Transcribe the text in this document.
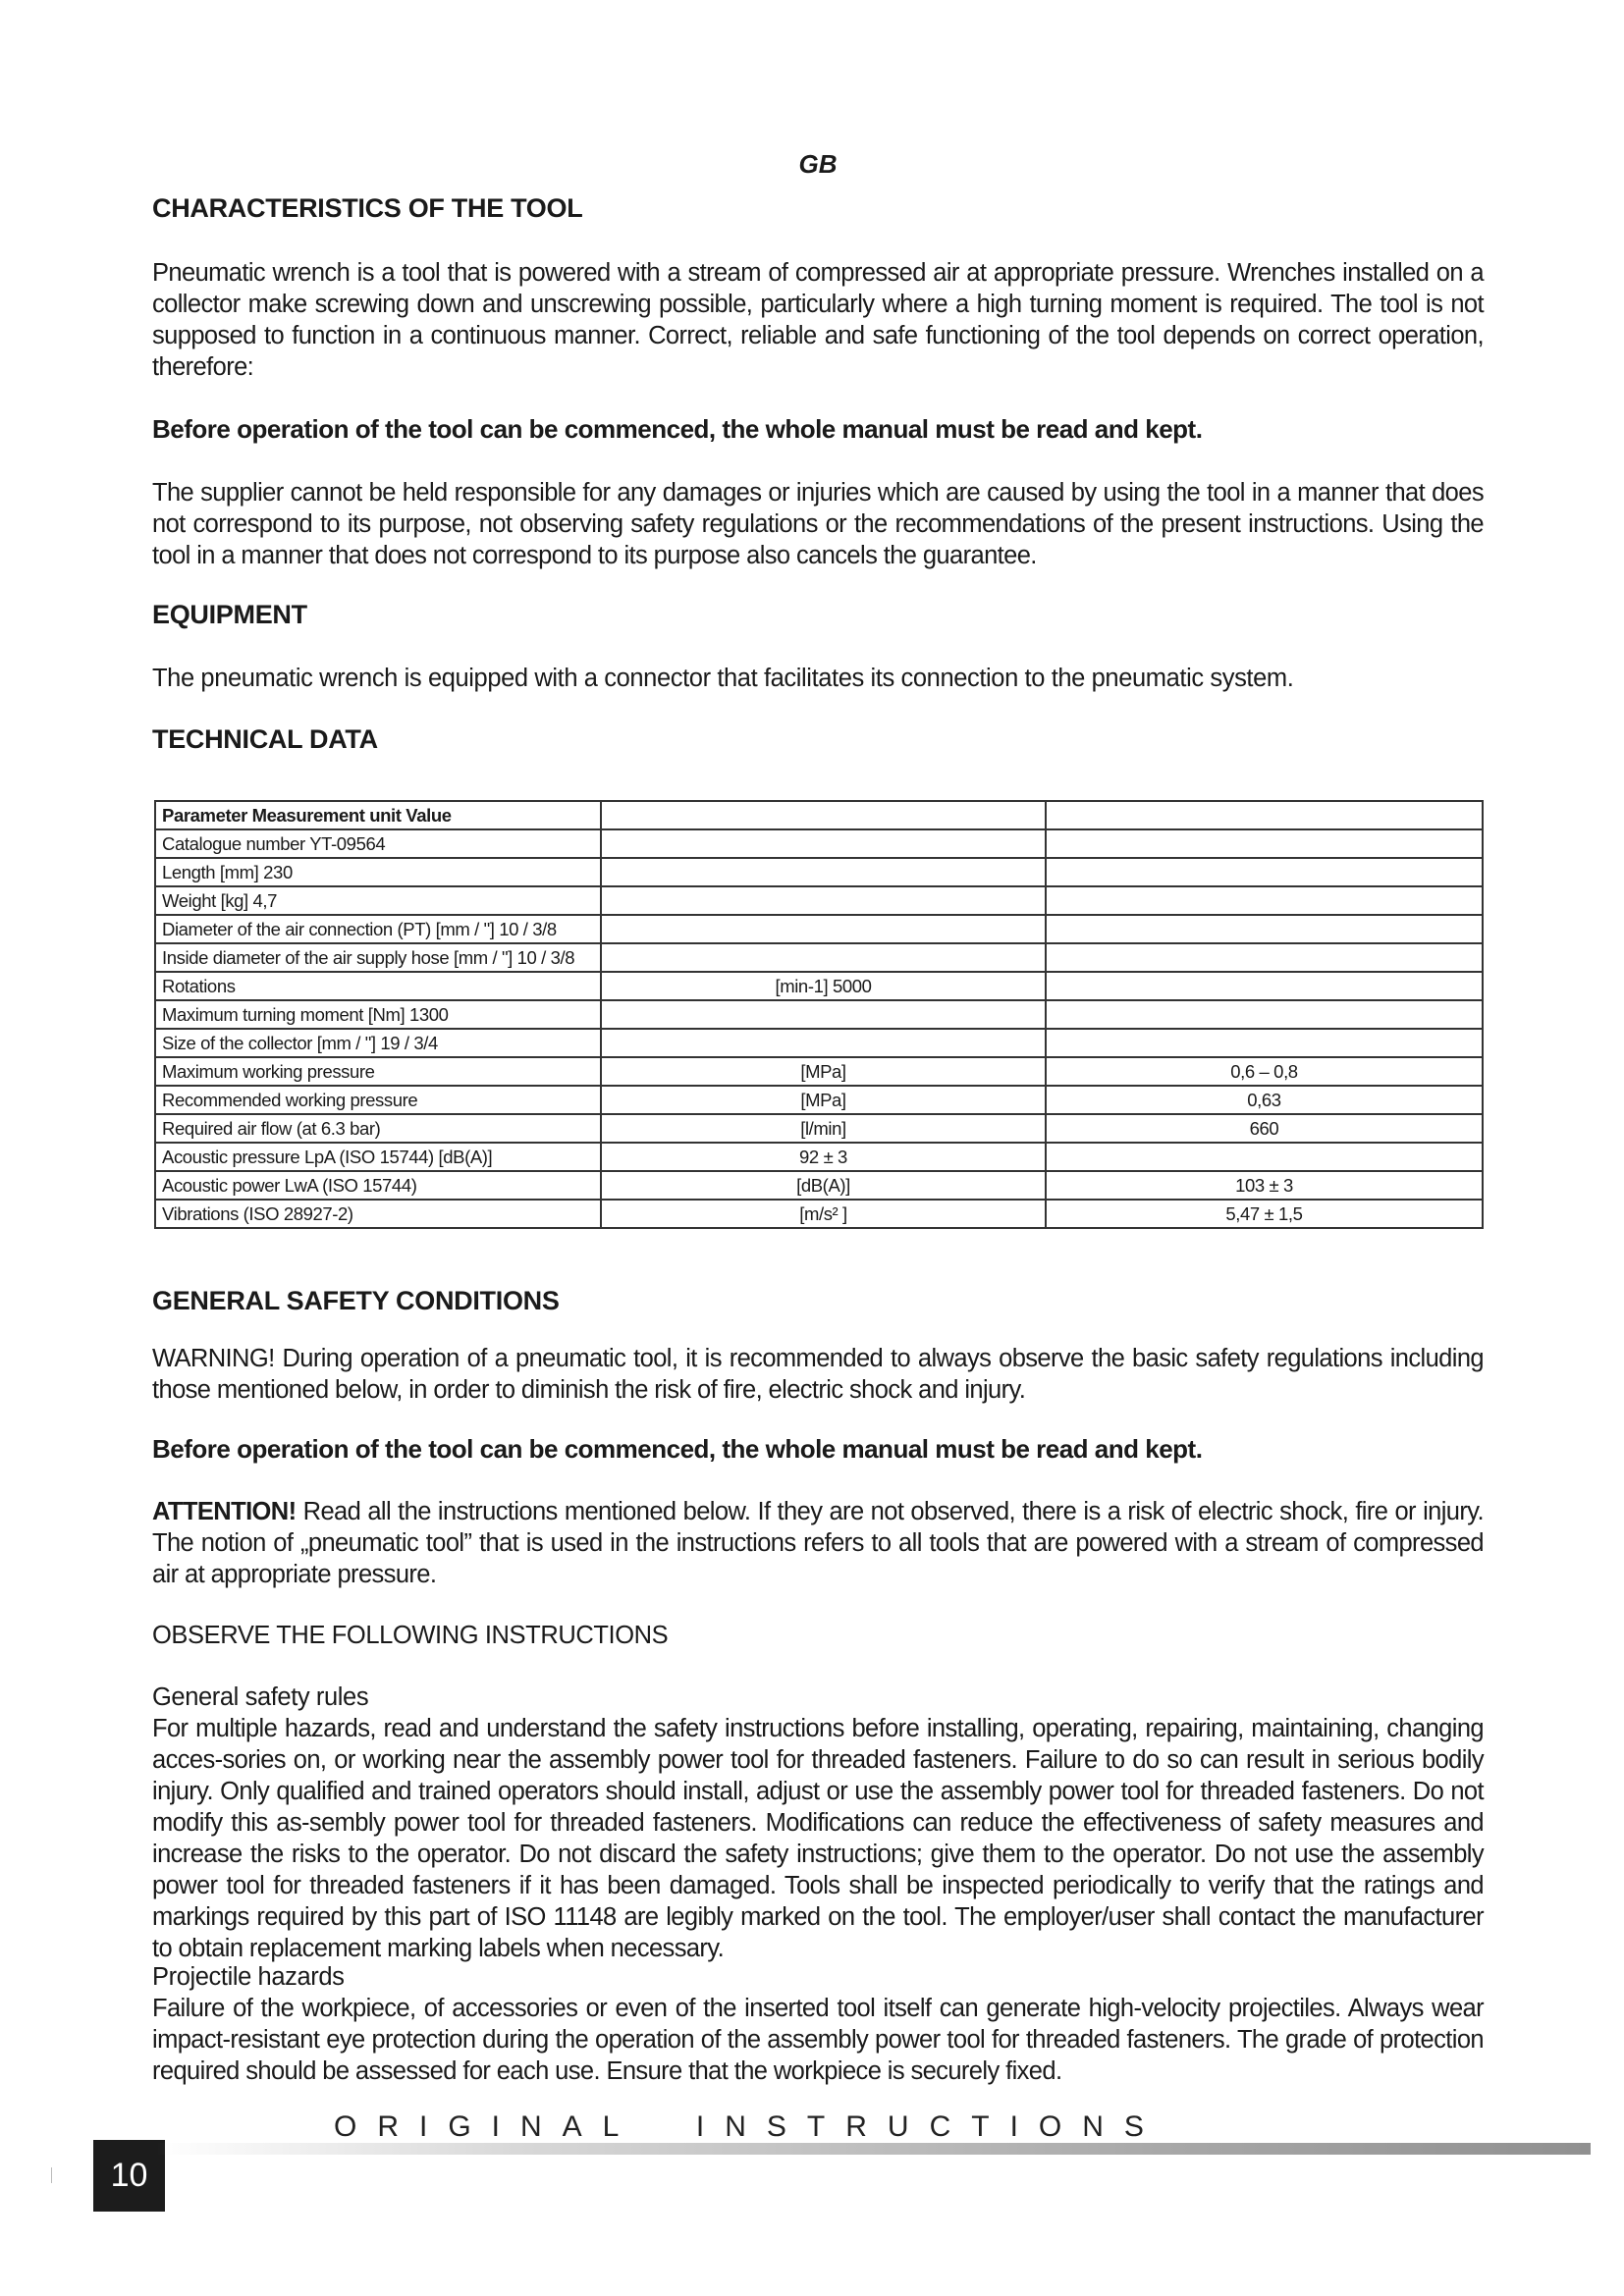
GB
CHARACTERISTICS OF THE TOOL

Pneumatic wrench is a tool that is powered with a stream of compressed air at appropriate pressure. Wrenches installed on a collector make screwing down and unscrewing possible, particularly where a high turning moment is required. The tool is not supposed to function in a continuous manner. Correct, reliable and safe functioning of the tool depends on correct operation, therefore:

Before operation of the tool can be commenced, the whole manual must be read and kept.

The supplier cannot be held responsible for any damages or injuries which are caused by using the tool in a manner that does not correspond to its purpose, not observing safety regulations or the recommendations of the present instructions. Using the tool in a manner that does not correspond to its purpose also cancels the guarantee.

EQUIPMENT

The pneumatic wrench is equipped with a connector that facilitates its connection to the pneumatic system.

TECHNICAL DATA
Parameter Measurement unit Value		
Catalogue number YT-09564		
Length [mm] 230		
Weight [kg] 4,7		
Diameter of the air connection (PT) [mm / "] 10 / 3/8		
Inside diameter of the air supply hose [mm / "] 10 / 3/8		
Rotations	[min-1] 5000	
Maximum turning moment [Nm] 1300		
Size of the collector [mm / "] 19 / 3/4		
Maximum working pressure	[MPa]	0,6 – 0,8
Recommended working pressure	[MPa]	0,63
Required air flow (at 6.3 bar)	[l/min]	660
Acoustic pressure LpA (ISO 15744) [dB(A)]	92 ± 3	
Acoustic power LwA (ISO 15744)	[dB(A)]	103 ± 3
Vibrations (ISO 28927-2)	[m/s² ]	5,47 ± 1,5
GENERAL SAFETY CONDITIONS

WARNING! During operation of a pneumatic tool, it is recommended to always observe the basic safety regulations including those mentioned below, in order to diminish the risk of fire, electric shock and injury.

Before operation of the tool can be commenced, the whole manual must be read and kept.

ATTENTION! Read all the instructions mentioned below. If they are not observed, there is a risk of electric shock, fire or injury. The notion of „pneumatic tool” that is used in the instructions refers to all tools that are powered with a stream of compressed air at appropriate pressure.

OBSERVE THE FOLLOWING INSTRUCTIONS

General safety rules

For multiple hazards, read and understand the safety instructions before installing, operating, repairing, maintaining, changing acces-sories on, or working near the assembly power tool for threaded fasteners. Failure to do so can result in serious bodily injury. Only qualified and trained operators should install, adjust or use the assembly power tool for threaded fasteners. Do not modify this as-sembly power tool for threaded fasteners. Modifications can reduce the effectiveness of safety measures and increase the risks to the operator. Do not discard the safety instructions; give them to the operator. Do not use the assembly power tool for threaded fasteners if it has been damaged. Tools shall be inspected periodically to verify that the ratings and markings required by this part of ISO 11148 are legibly marked on the tool. The employer/user shall contact the manufacturer to obtain replacement marking labels when necessary.

Projectile hazards

Failure of the workpiece, of accessories or even of the inserted tool itself can generate high-velocity projectiles. Always wear impact-resistant eye protection during the operation of the assembly power tool for threaded fasteners. The grade of protection required should be assessed for each use. Ensure that the workpiece is securely fixed.

10
ORIGINAL  INSTRUCTIONS
